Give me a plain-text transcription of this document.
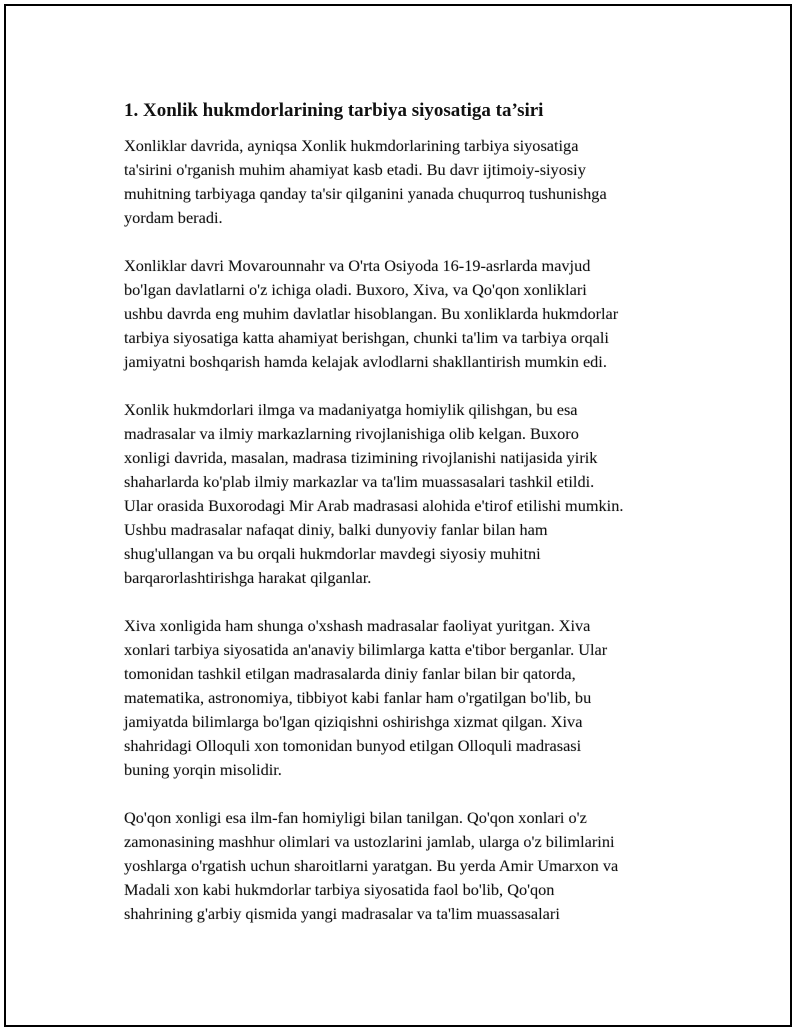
1. Xonlik hukmdorlarining tarbiya siyosatiga ta’siri
Xonliklar davrida, ayniqsa Xonlik hukmdorlarining tarbiya siyosatiga
ta'sirini o'rganish muhim ahamiyat kasb etadi. Bu davr ijtimoiy-siyosiy
muhitning tarbiyaga qanday ta'sir qilganini yanada chuqurroq tushunishga
yordam beradi.
Xonliklar davri Movarounnahr va O'rta Osiyoda 16-19-asrlarda mavjud
bo'lgan davlatlarni o'z ichiga oladi. Buxoro, Xiva, va Qo'qon xonliklari
ushbu davrda eng muhim davlatlar hisoblangan. Bu xonliklarda hukmdorlar
tarbiya siyosatiga katta ahamiyat berishgan, chunki ta'lim va tarbiya orqali
jamiyatni boshqarish hamda kelajak avlodlarni shakllantirish mumkin edi.
Xonlik hukmdorlari ilmga va madaniyatga homiylik qilishgan, bu esa
madrasalar va ilmiy markazlarning rivojlanishiga olib kelgan. Buxoro
xonligi davrida, masalan, madrasa tizimining rivojlanishi natijasida yirik
shaharlarda ko'plab ilmiy markazlar va ta'lim muassasalari tashkil etildi.
Ular orasida Buxorodagi Mir Arab madrasasi alohida e'tirof etilishi mumkin.
Ushbu madrasalar nafaqat diniy, balki dunyoviy fanlar bilan ham
shug'ullangan va bu orqali hukmdorlar mavdegi siyosiy muhitni
barqarorlashtirishga harakat qilganlar.
Xiva xonligida ham shunga o'xshash madrasalar faoliyat yuritgan. Xiva
xonlari tarbiya siyosatida an'anaviy bilimlarga katta e'tibor berganlar. Ular
tomonidan tashkil etilgan madrasalarda diniy fanlar bilan bir qatorda,
matematika, astronomiya, tibbiyot kabi fanlar ham o'rgatilgan bo'lib, bu
jamiyatda bilimlarga bo'lgan qiziqishni oshirishga xizmat qilgan. Xiva
shahridagi Olloquli xon tomonidan bunyod etilgan Olloquli madrasasi
buning yorqin misolidir.
Qo'qon xonligi esa ilm-fan homiyligi bilan tanilgan. Qo'qon xonlari o'z
zamonasining mashhur olimlari va ustozlarini jamlab, ularga o'z bilimlarini
yoshlarga o'rgatish uchun sharoitlarni yaratgan. Bu yerda Amir Umarxon va
Madali xon kabi hukmdorlar tarbiya siyosatida faol bo'lib, Qo'qon
shahrining g'arbiy qismida yangi madrasalar va ta'lim muassasalari
